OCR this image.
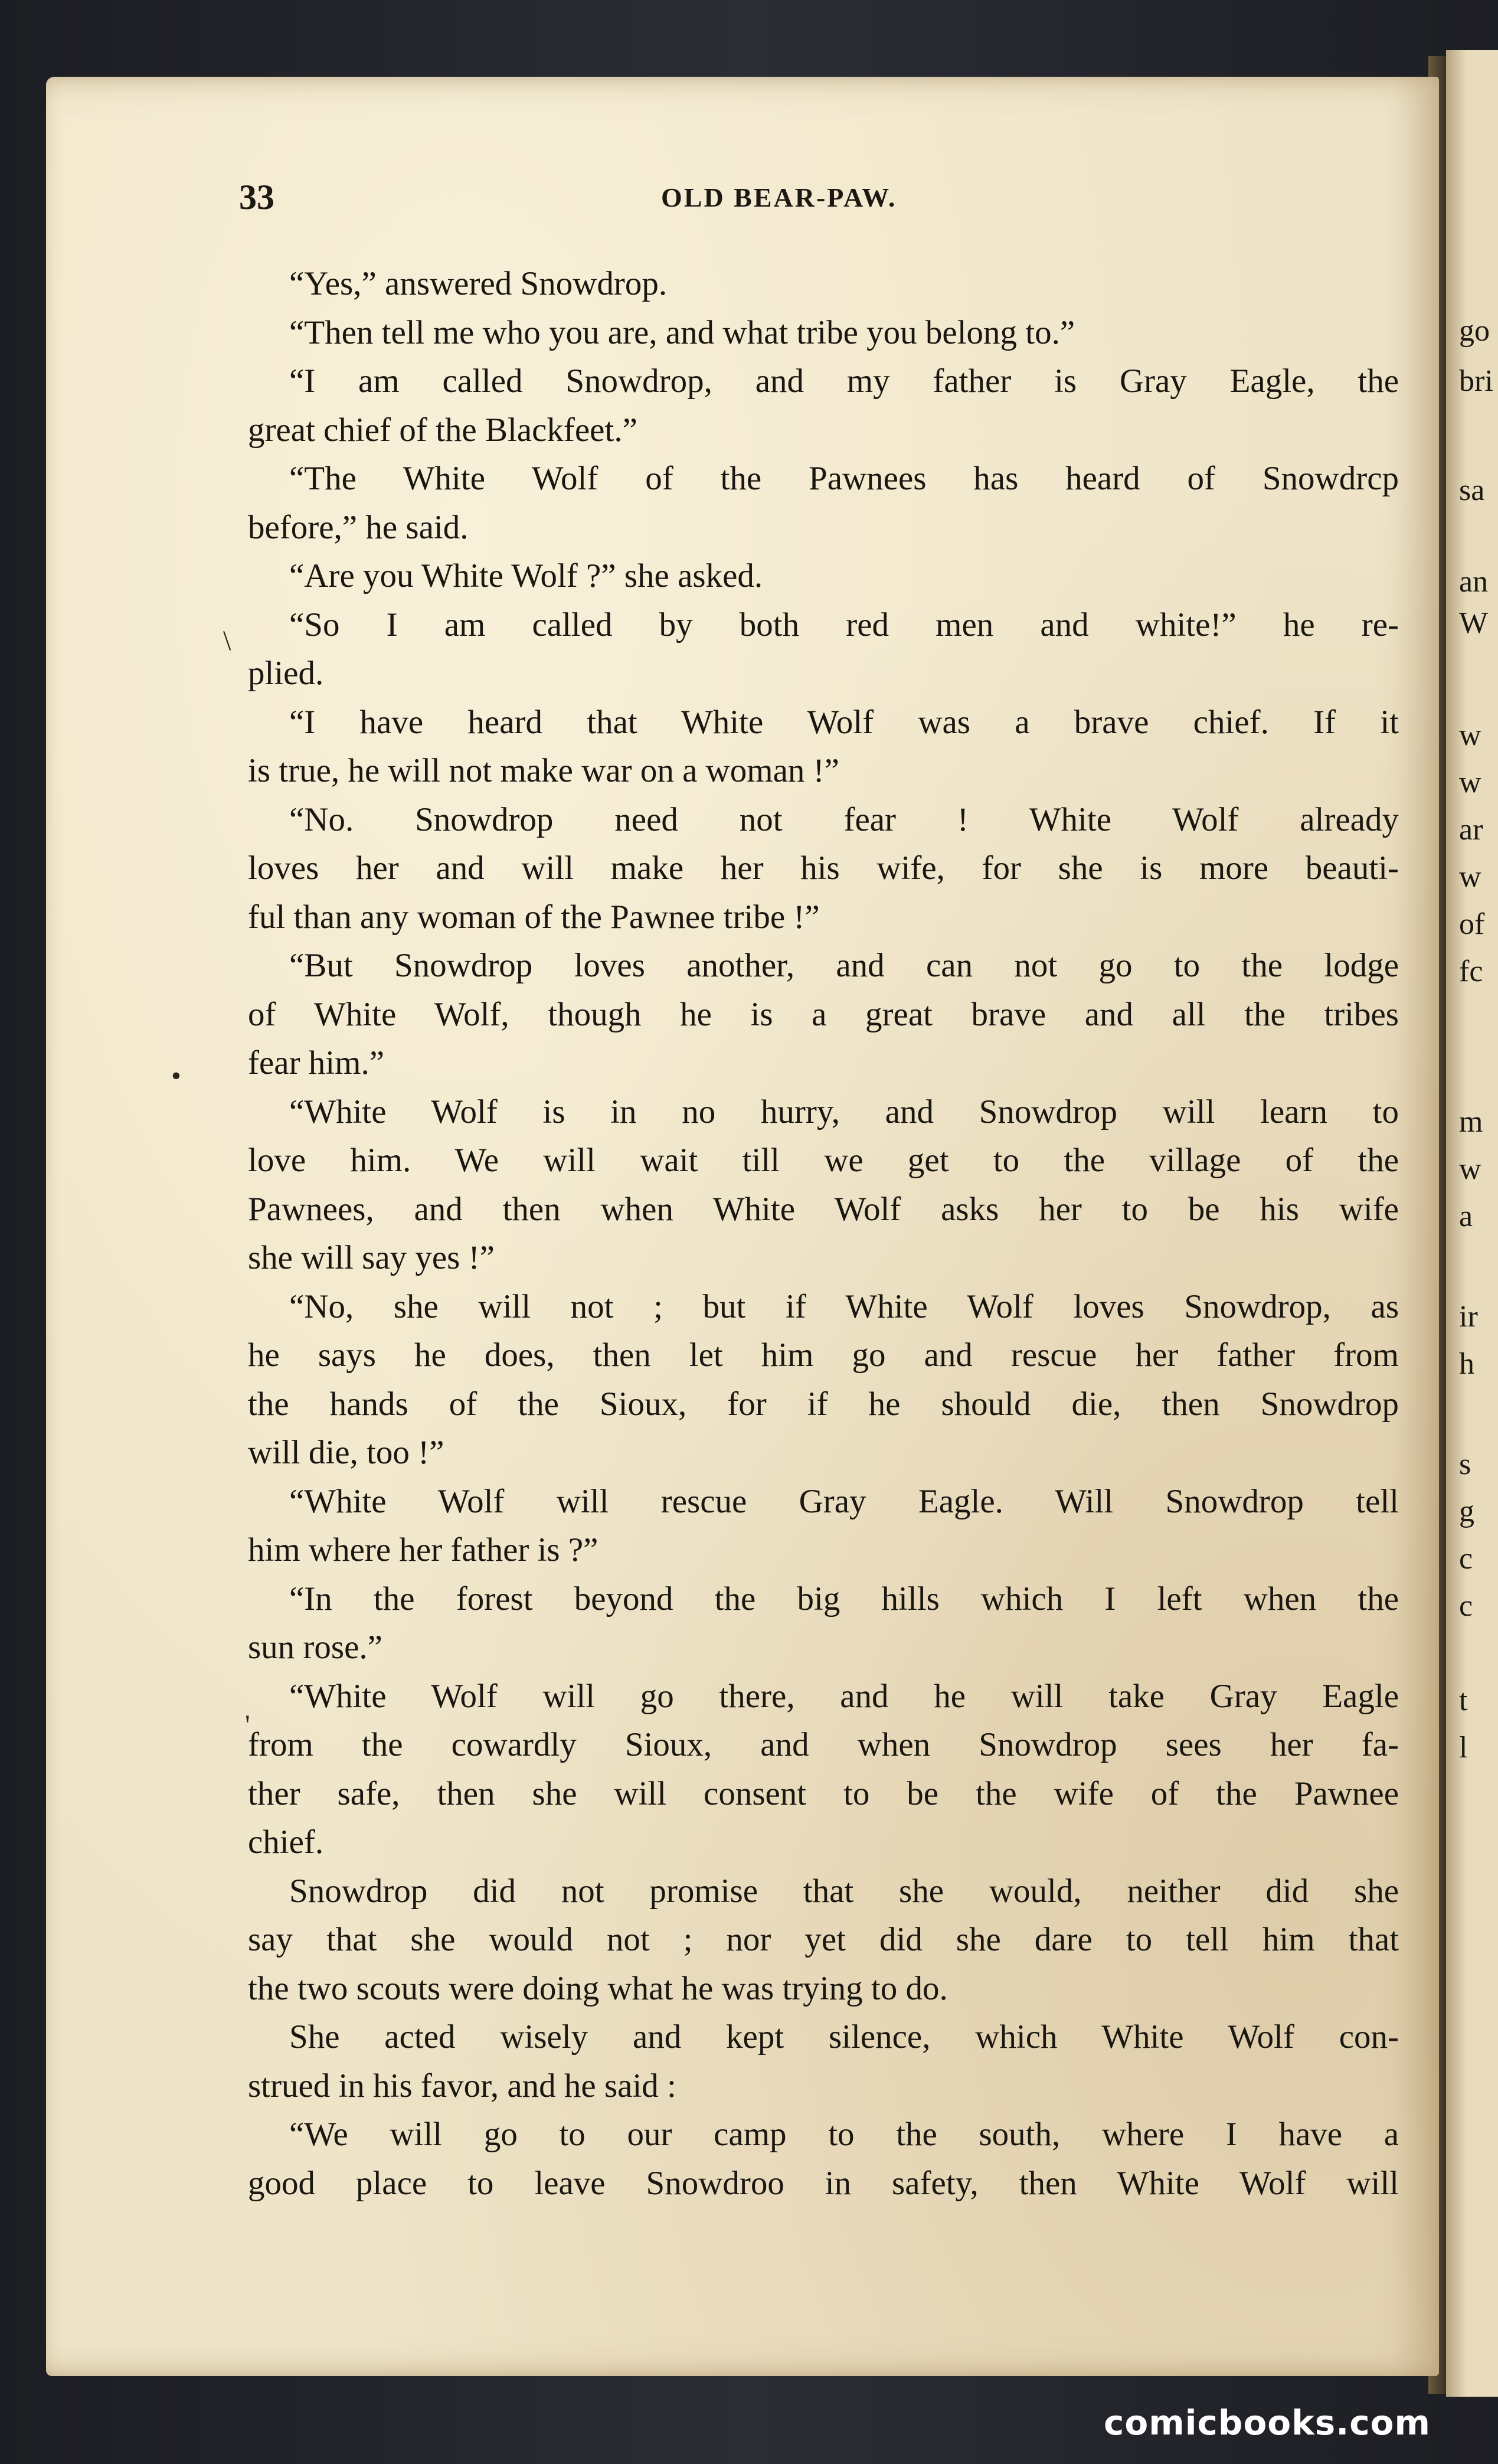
go
bri
sa
an
W
w
w
ar
w
of
fc
m
w
a
ir
h
s
g
c
c
t
l
33	OLD BEAR-PAW.
\
•
'
“Yes,” answered Snowdrop.
“Then tell me who you are, and what tribe you belong to.”
“I am called Snowdrop, and my father is Gray Eagle, the
great chief of the Blackfeet.”
“The White Wolf of the Pawnees has heard of Snowdrcp
before,” he said.
“Are you White Wolf ?” she asked.
“So I am called by both red men and white!” he re-
plied.
“I have heard that White Wolf was a brave chief. If it
is true, he will not make war on a woman !”
“No. Snowdrop need not fear ! White Wolf already
loves her and will make her his wife, for she is more beauti-
ful than any woman of the Pawnee tribe !”
“But Snowdrop loves another, and can not go to the lodge
of White Wolf, though he is a great brave and all the tribes
fear him.”
“White Wolf is in no hurry, and Snowdrop will learn to
love him. We will wait till we get to the village of the
Pawnees, and then when White Wolf asks her to be his wife
she will say yes !”
“No, she will not ; but if White Wolf loves Snowdrop, as
he says he does, then let him go and rescue her father from
the hands of the Sioux, for if he should die, then Snowdrop
will die, too !”
“White Wolf will rescue Gray Eagle. Will Snowdrop tell
him where her father is ?”
“In the forest beyond the big hills which I left when the
sun rose.”
“White Wolf will go there, and he will take Gray Eagle
from the cowardly Sioux, and when Snowdrop sees her fa-
ther safe, then she will consent to be the wife of the Pawnee
chief.
Snowdrop did not promise that she would, neither did she
say that she would not ; nor yet did she dare to tell him that
the two scouts were doing what he was trying to do.
She acted wisely and kept silence, which White Wolf con-
strued in his favor, and he said :
“We will go to our camp to the south, where I have a
good place to leave Snowdroo in safety, then White Wolf will
comicbooks.com
